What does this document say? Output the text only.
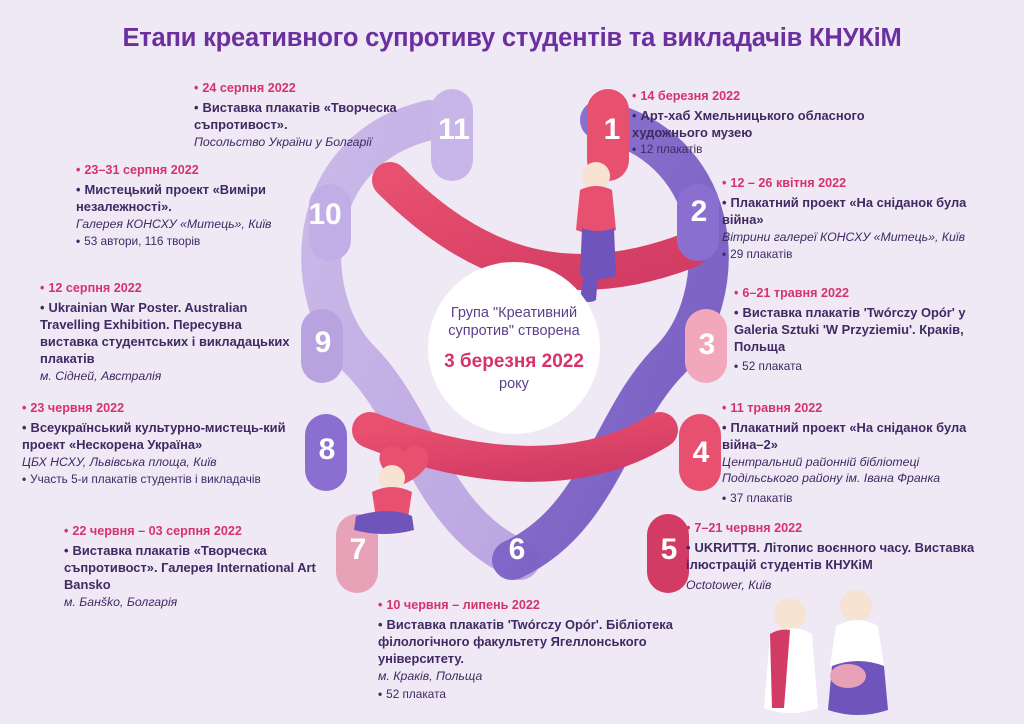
Етапи креативного супротиву студентів та викладачів КНУКіМ
Група "Креативний супротив" створена
3 березня 2022
року
1
2
3
4
5
6
7
8
9
10
11
• 24 серпня 2022
• Виставка плакатів «Творческа съпротивост».
Посольство України у Болгарії
• 23–31 серпня 2022
• Мистецький проект «Виміри незалежності».
Галерея КОНСХУ «Митець», Київ
• 53 автори, 116 творів
• 12 серпня 2022
• Ukrainian War Poster. Australian Travelling Exhibition. Пересувна виставка студентських і викладацьких плакатів
м. Сідней, Австралія
• 23 червня 2022
• Всеукраїнський культурно-мистець-кий проект «Нескорена Україна»
ЦБХ НСХУ, Львівська площа, Київ
• Участь 5-и плакатів студентів і викладачів
• 22 червня – 03 серпня 2022
• Виставка плакатів «Творческа съпротивост». Галерея International Art Bansko
м. Банško, Болгарія	• 10 червня – липень 2022
• Виставка плакатів 'Twórczy Opór'. Бібліотека філологічного факультету Ягеллонського університету.
м. Краків, Польща
• 52 плаката
• 14 березня 2022
• Арт-хаб Хмельницького обласного художнього музею
• 12 плакатів
• 12 – 26 квітня 2022
• Плакатний проект «На сніданок була війна»
Вітрини галереї КОНСХУ «Митець», Київ
• 29 плакатів
• 6–21 травня 2022
• Виставка плакатів 'Twórczy Opór' у Galeria Sztuki 'W Przyziemiu'. Краків, Польща
• 52 плаката
• 11 травня 2022
• Плакатний проект «На сніданок була війна–2»
Центральний районній бібліотеці Подільського району ім. Івана Франка
• 37 плакатів
• 7–21 червня 2022
• UKRИТТЯ. Літопис воєнного часу. Виставка ілюстрацій студентів КНУКіМ
Octotower, Київ
